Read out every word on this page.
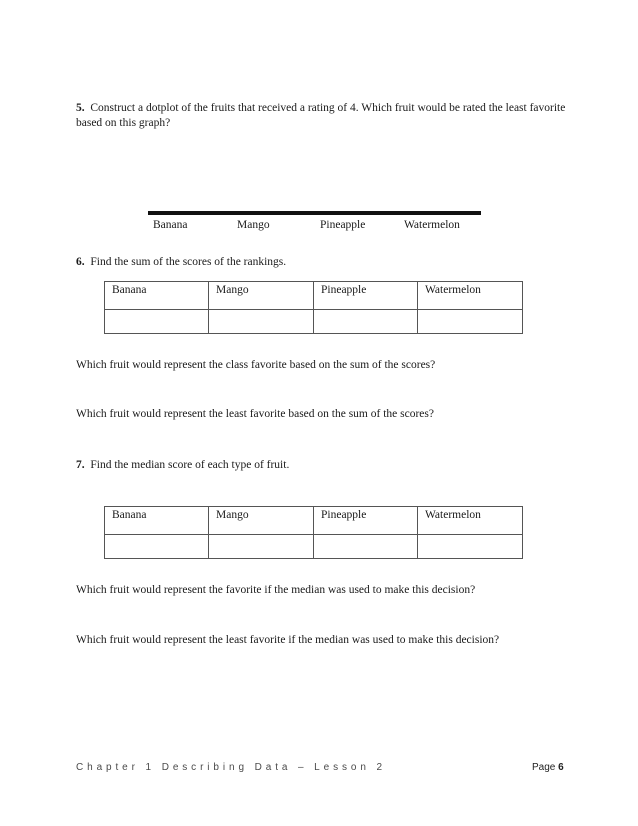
5. Construct a dotplot of the fruits that received a rating of 4. Which fruit would be rated the least favorite based on this graph?
Banana	Mango	Pineapple	Watermelon
6. Find the sum of the scores of the rankings.
Banana	Mango	Pineapple	Watermelon

Which fruit would represent the class favorite based on the sum of the scores?
Which fruit would represent the least favorite based on the sum of the scores?
7. Find the median score of each type of fruit.
Banana	Mango	Pineapple	Watermelon

Which fruit would represent the favorite if the median was used to make this decision?
Which fruit would represent the least favorite if the median was used to make this decision?
Chapter 1 Describing Data – Lesson 2	Page 6
